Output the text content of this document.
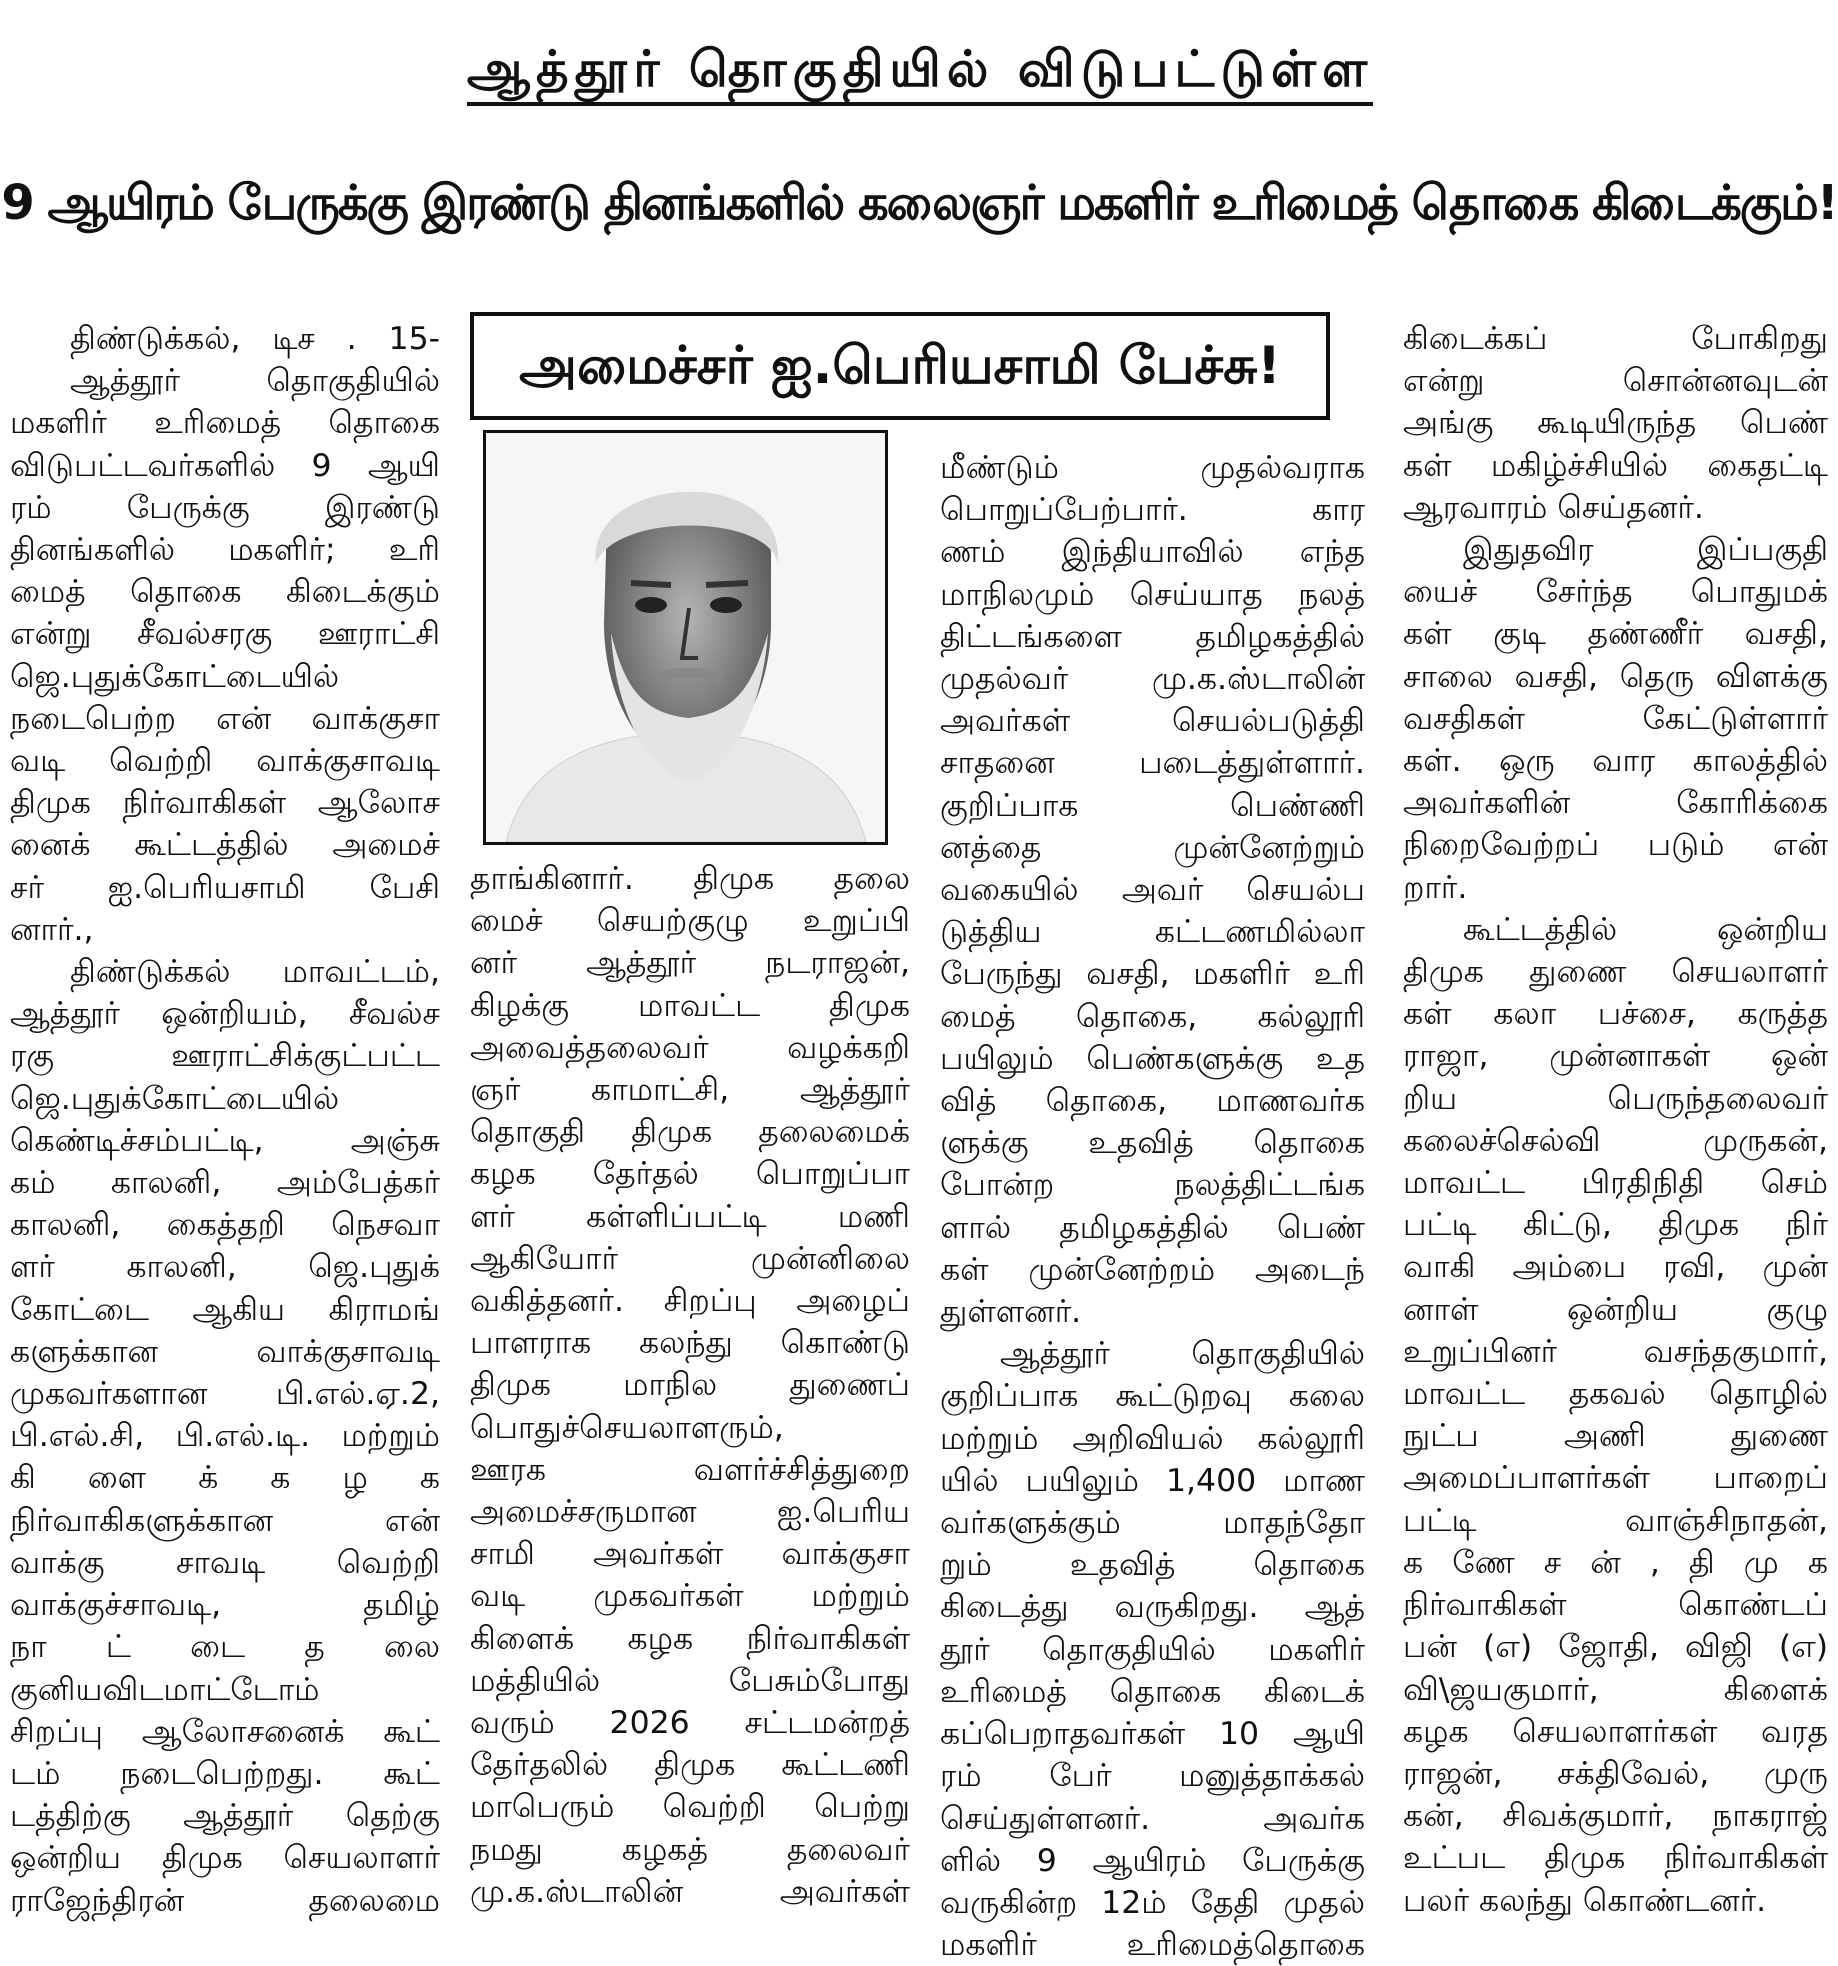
ஆத்தூர் தொகுதியில் விடுபட்டுள்ள
9 ஆயிரம் பேருக்கு இரண்டு தினங்களில் கலைஞர் மகளிர் உரிமைத் தொகை கிடைக்கும்!
அமைச்சர் ஐ.பெரியசாமி பேச்சு!
திண்டுக்கல், டிச . 15-
ஆத்தூர் தொகுதியில்
மகளிர் உரிமைத் தொகை
விடுபட்டவர்களில் 9 ஆயி
ரம் பேருக்கு இரண்டு
தினங்களில் மகளிர்; உரி
மைத் தொகை கிடைக்கும்
என்று சீவல்சரகு ஊராட்சி
ஜெ.புதுக்கோட்டையில்
நடைபெற்ற என் வாக்குசா
வடி வெற்றி வாக்குசாவடி
திமுக நிர்வாகிகள் ஆலோச
னைக் கூட்டத்தில் அமைச்
சர் ஐ.பெரியசாமி பேசி
னார்.,
திண்டுக்கல் மாவட்டம்,
ஆத்தூர் ஒன்றியம், சீவல்ச
ரகு ஊராட்சிக்குட்பட்ட
ஜெ.புதுக்கோட்டையில்
கெண்டிச்சம்பட்டி, அஞ்சு
கம் காலனி, அம்பேத்கர்
காலனி, கைத்தறி நெசவா
ளர் காலனி, ஜெ.புதுக்
கோட்டை ஆகிய கிராமங்
களுக்கான வாக்குசாவடி
முகவர்களான பி.எல்.ஏ.2,
பி.எல்.சி, பி.எல்.டி. மற்றும்
கி ளை க் க ழ க
நிர்வாகிகளுக்கான என்
வாக்கு சாவடி வெற்றி
வாக்குச்சாவடி, தமிழ்
நா ட் டை த லை
குனியவிடமாட்டோம்
சிறப்பு ஆலோசனைக் கூட்
டம் நடைபெற்றது. கூட்
டத்திற்கு ஆத்தூர் தெற்கு
ஒன்றிய திமுக செயலாளர்
ராஜேந்திரன் தலைமை
தாங்கினார். திமுக தலை
மைச் செயற்குழு உறுப்பி
னர் ஆத்தூர் நடராஜன்,
கிழக்கு மாவட்ட திமுக
அவைத்தலைவர் வழக்கறி
ஞர் காமாட்சி, ஆத்தூர்
தொகுதி திமுக தலைமைக்
கழக தேர்தல் பொறுப்பா
ளர் கள்ளிப்பட்டி மணி
ஆகியோர் முன்னிலை
வகித்தனர். சிறப்பு அழைப்
பாளராக கலந்து கொண்டு
திமுக மாநில துணைப்
பொதுச்செயலாளரும்,
ஊரக வளர்ச்சித்துறை
அமைச்சருமான ஐ.பெரிய
சாமி அவர்கள் வாக்குசா
வடி முகவர்கள் மற்றும்
கிளைக் கழக நிர்வாகிகள்
மத்தியில் பேசும்போது
வரும் 2026 சட்டமன்றத்
தேர்தலில் திமுக கூட்டணி
மாபெரும் வெற்றி பெற்று
நமது கழகத் தலைவர்
மு.க.ஸ்டாலின் அவர்கள்
மீண்டும் முதல்வராக
பொறுப்பேற்பார். கார
ணம் இந்தியாவில் எந்த
மாநிலமும் செய்யாத நலத்
திட்டங்களை தமிழகத்தில்
முதல்வர் மு.க.ஸ்டாலின்
அவர்கள் செயல்படுத்தி
சாதனை படைத்துள்ளார்.
குறிப்பாக பெண்ணி
னத்தை முன்னேற்றும்
வகையில் அவர் செயல்ப
டுத்திய கட்டணமில்லா
பேருந்து வசதி, மகளிர் உரி
மைத் தொகை, கல்லூரி
பயிலும் பெண்களுக்கு உத
வித் தொகை, மாணவர்க
ளுக்கு உதவித் தொகை
போன்ற நலத்திட்டங்க
ளால் தமிழகத்தில் பெண்
கள் முன்னேற்றம் அடைந்
துள்ளனர்.
ஆத்தூர் தொகுதியில்
குறிப்பாக கூட்டுறவு கலை
மற்றும் அறிவியல் கல்லூரி
யில் பயிலும் 1,400 மாண
வர்களுக்கும் மாதந்தோ
றும் உதவித் தொகை
கிடைத்து வருகிறது. ஆத்
தூர் தொகுதியில் மகளிர்
உரிமைத் தொகை கிடைக்
கப்பெறாதவர்கள் 10 ஆயி
ரம் பேர் மனுத்தாக்கல்
செய்துள்ளனர். அவர்க
ளில் 9 ஆயிரம் பேருக்கு
வருகின்ற 12ம் தேதி முதல்
மகளிர் உரிமைத்தொகை
கிடைக்கப் போகிறது
என்று சொன்னவுடன்
அங்கு கூடியிருந்த பெண்
கள் மகிழ்ச்சியில் கைதட்டி
ஆரவாரம் செய்தனர்.
இதுதவிர இப்பகுதி
யைச் சேர்ந்த பொதுமக்
கள் குடி தண்ணீர் வசதி,
சாலை வசதி, தெரு விளக்கு
வசதிகள் கேட்டுள்ளார்
கள். ஒரு வார காலத்தில்
அவர்களின் கோரிக்கை
நிறைவேற்றப் படும் என்
றார்.
கூட்டத்தில் ஒன்றிய
திமுக துணை செயலாளர்
கள் கலா பச்சை, கருத்த
ராஜா, முன்னாகள் ஒன்
றிய பெருந்தலைவர்
கலைச்செல்வி முருகன்,
மாவட்ட பிரதிநிதி செம்
பட்டி கிட்டு, திமுக நிர்
வாகி அம்பை ரவி, முன்
னாள் ஒன்றிய குழு
உறுப்பினர் வசந்தகுமார்,
மாவட்ட தகவல் தொழில்
நுட்ப அணி துணை
அமைப்பாளர்கள் பாறைப்
பட்டி வாஞ்சிநாதன்,
க ணே ச ன் , தி மு க
நிர்வாகிகள் கொண்டப்
பன் (எ) ஜோதி, விஜி (எ)
வி\ஜயகுமார், கிளைக்
கழக செயலாளர்கள் வரத
ராஜன், சக்திவேல், முரு
கன், சிவக்குமார், நாகராஜ்
உட்பட திமுக நிர்வாகிகள்
பலர் கலந்து கொண்டனர்.
